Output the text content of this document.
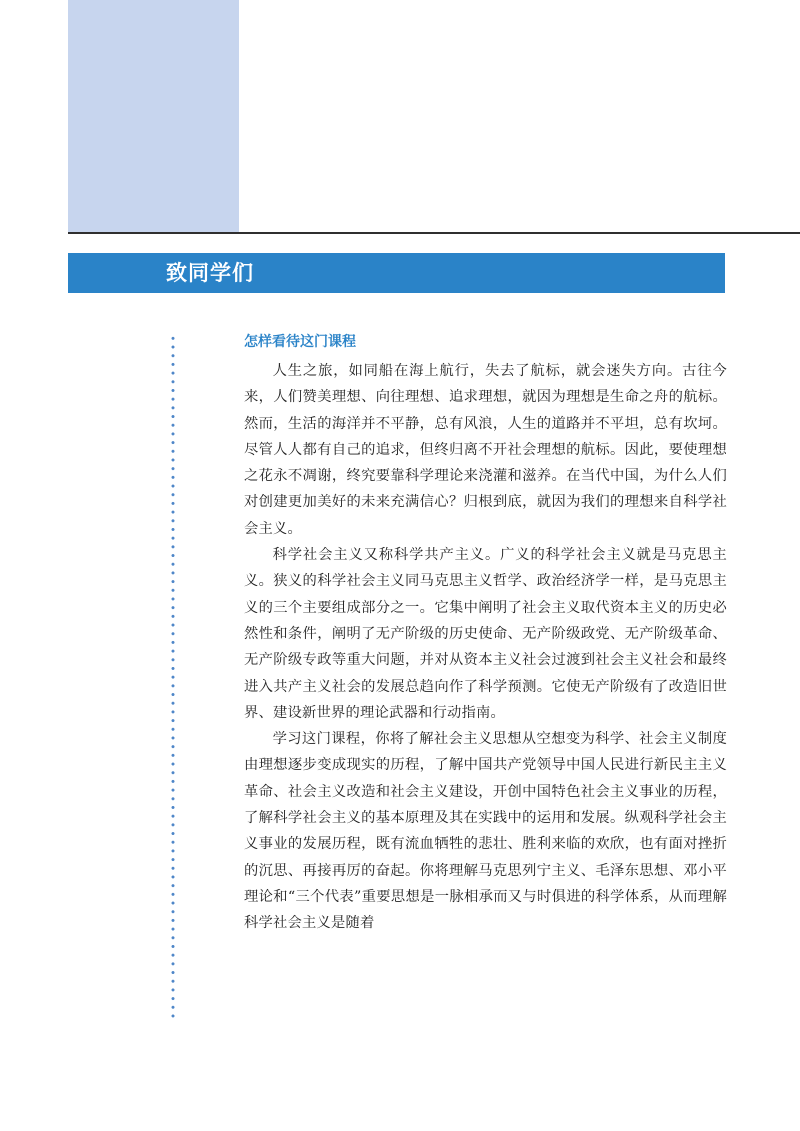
致同学们
怎样看待这门课程

人生之旅，如同船在海上航行，失去了航标，就会迷失方向。古往今来，人们赞美理想、向往理想、追求理想，就因为理想是生命之舟的航标。然而，生活的海洋并不平静，总有风浪，人生的道路并不平坦，总有坎坷。尽管人人都有自己的追求，但终归离不开社会理想的航标。因此，要使理想之花永不凋谢，终究要靠科学理论来浇灌和滋养。在当代中国，为什么人们对创建更加美好的未来充满信心？归根到底，就因为我们的理想来自科学社会主义。

科学社会主义又称科学共产主义。广义的科学社会主义就是马克思主义。狭义的科学社会主义同马克思主义哲学、政治经济学一样，是马克思主义的三个主要组成部分之一。它集中阐明了社会主义取代资本主义的历史必然性和条件，阐明了无产阶级的历史使命、无产阶级政党、无产阶级革命、无产阶级专政等重大问题，并对从资本主义社会过渡到社会主义社会和最终进入共产主义社会的发展总趋向作了科学预测。它使无产阶级有了改造旧世界、建设新世界的理论武器和行动指南。

学习这门课程，你将了解社会主义思想从空想变为科学、社会主义制度由理想逐步变成现实的历程，了解中国共产党领导中国人民进行新民主主义革命、社会主义改造和社会主义建设，开创中国特色社会主义事业的历程，了解科学社会主义的基本原理及其在实践中的运用和发展。纵观科学社会主义事业的发展历程，既有流血牺牲的悲壮、胜利来临的欢欣，也有面对挫折的沉思、再接再厉的奋起。你将理解马克思列宁主义、毛泽东思想、邓小平理论和“三个代表”重要思想是一脉相承而又与时俱进的科学体系，从而理解科学社会主义是随着
